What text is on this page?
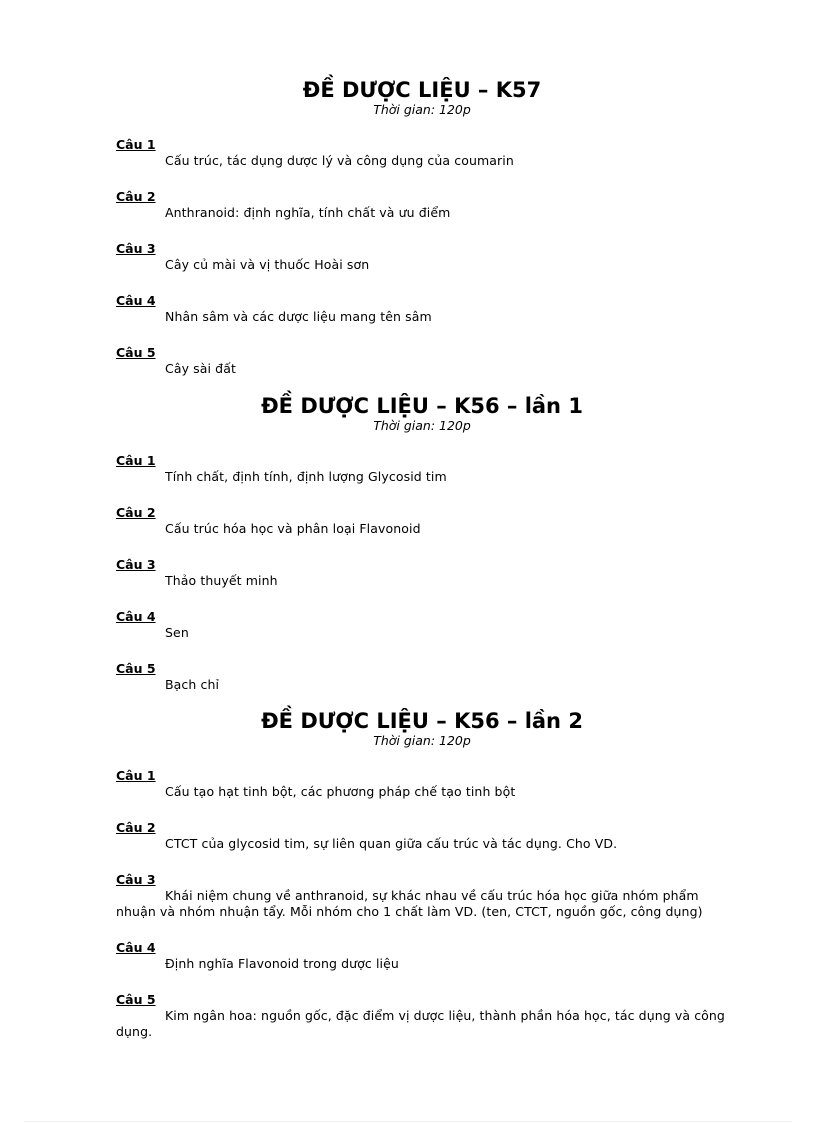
ĐỀ DƯỢC LIỆU – K57

Thời gian: 120p

Câu 1

Cấu trúc, tác dụng dược lý và công dụng của coumarin

Câu 2

Anthranoid: định nghĩa, tính chất và ưu điểm

Câu 3

Cây củ mài và vị thuốc Hoài sơn

Câu 4

Nhân sâm và các dược liệu mang tên sâm

Câu 5

Cây sài đất

ĐỀ DƯỢC LIỆU – K56 – lần 1

Thời gian: 120p

Câu 1

Tính chất, định tính, định lượng Glycosid tim

Câu 2

Cấu trúc hóa học và phân loại Flavonoid

Câu 3

Thảo thuyết minh

Câu 4

Sen

Câu 5

Bạch chỉ

ĐỀ DƯỢC LIỆU – K56 – lần 2

Thời gian: 120p

Câu 1

Cấu tạo hạt tinh bột, các phương pháp chế tạo tinh bột

Câu 2

CTCT của glycosid tim, sự liên quan giữa cấu trúc và tác dụng. Cho VD.

Câu 3

Khái niệm chung về anthranoid, sự khác nhau về cấu trúc hóa học giữa nhóm phẩm nhuận và nhóm nhuận tẩy. Mỗi nhóm cho 1 chất làm VD. (ten, CTCT, nguồn gốc, công dụng)

Câu 4

Định nghĩa Flavonoid trong dược liệu

Câu 5

Kim ngân hoa: nguồn gốc, đặc điểm vị dược liệu, thành phần hóa học, tác dụng và công dụng.
